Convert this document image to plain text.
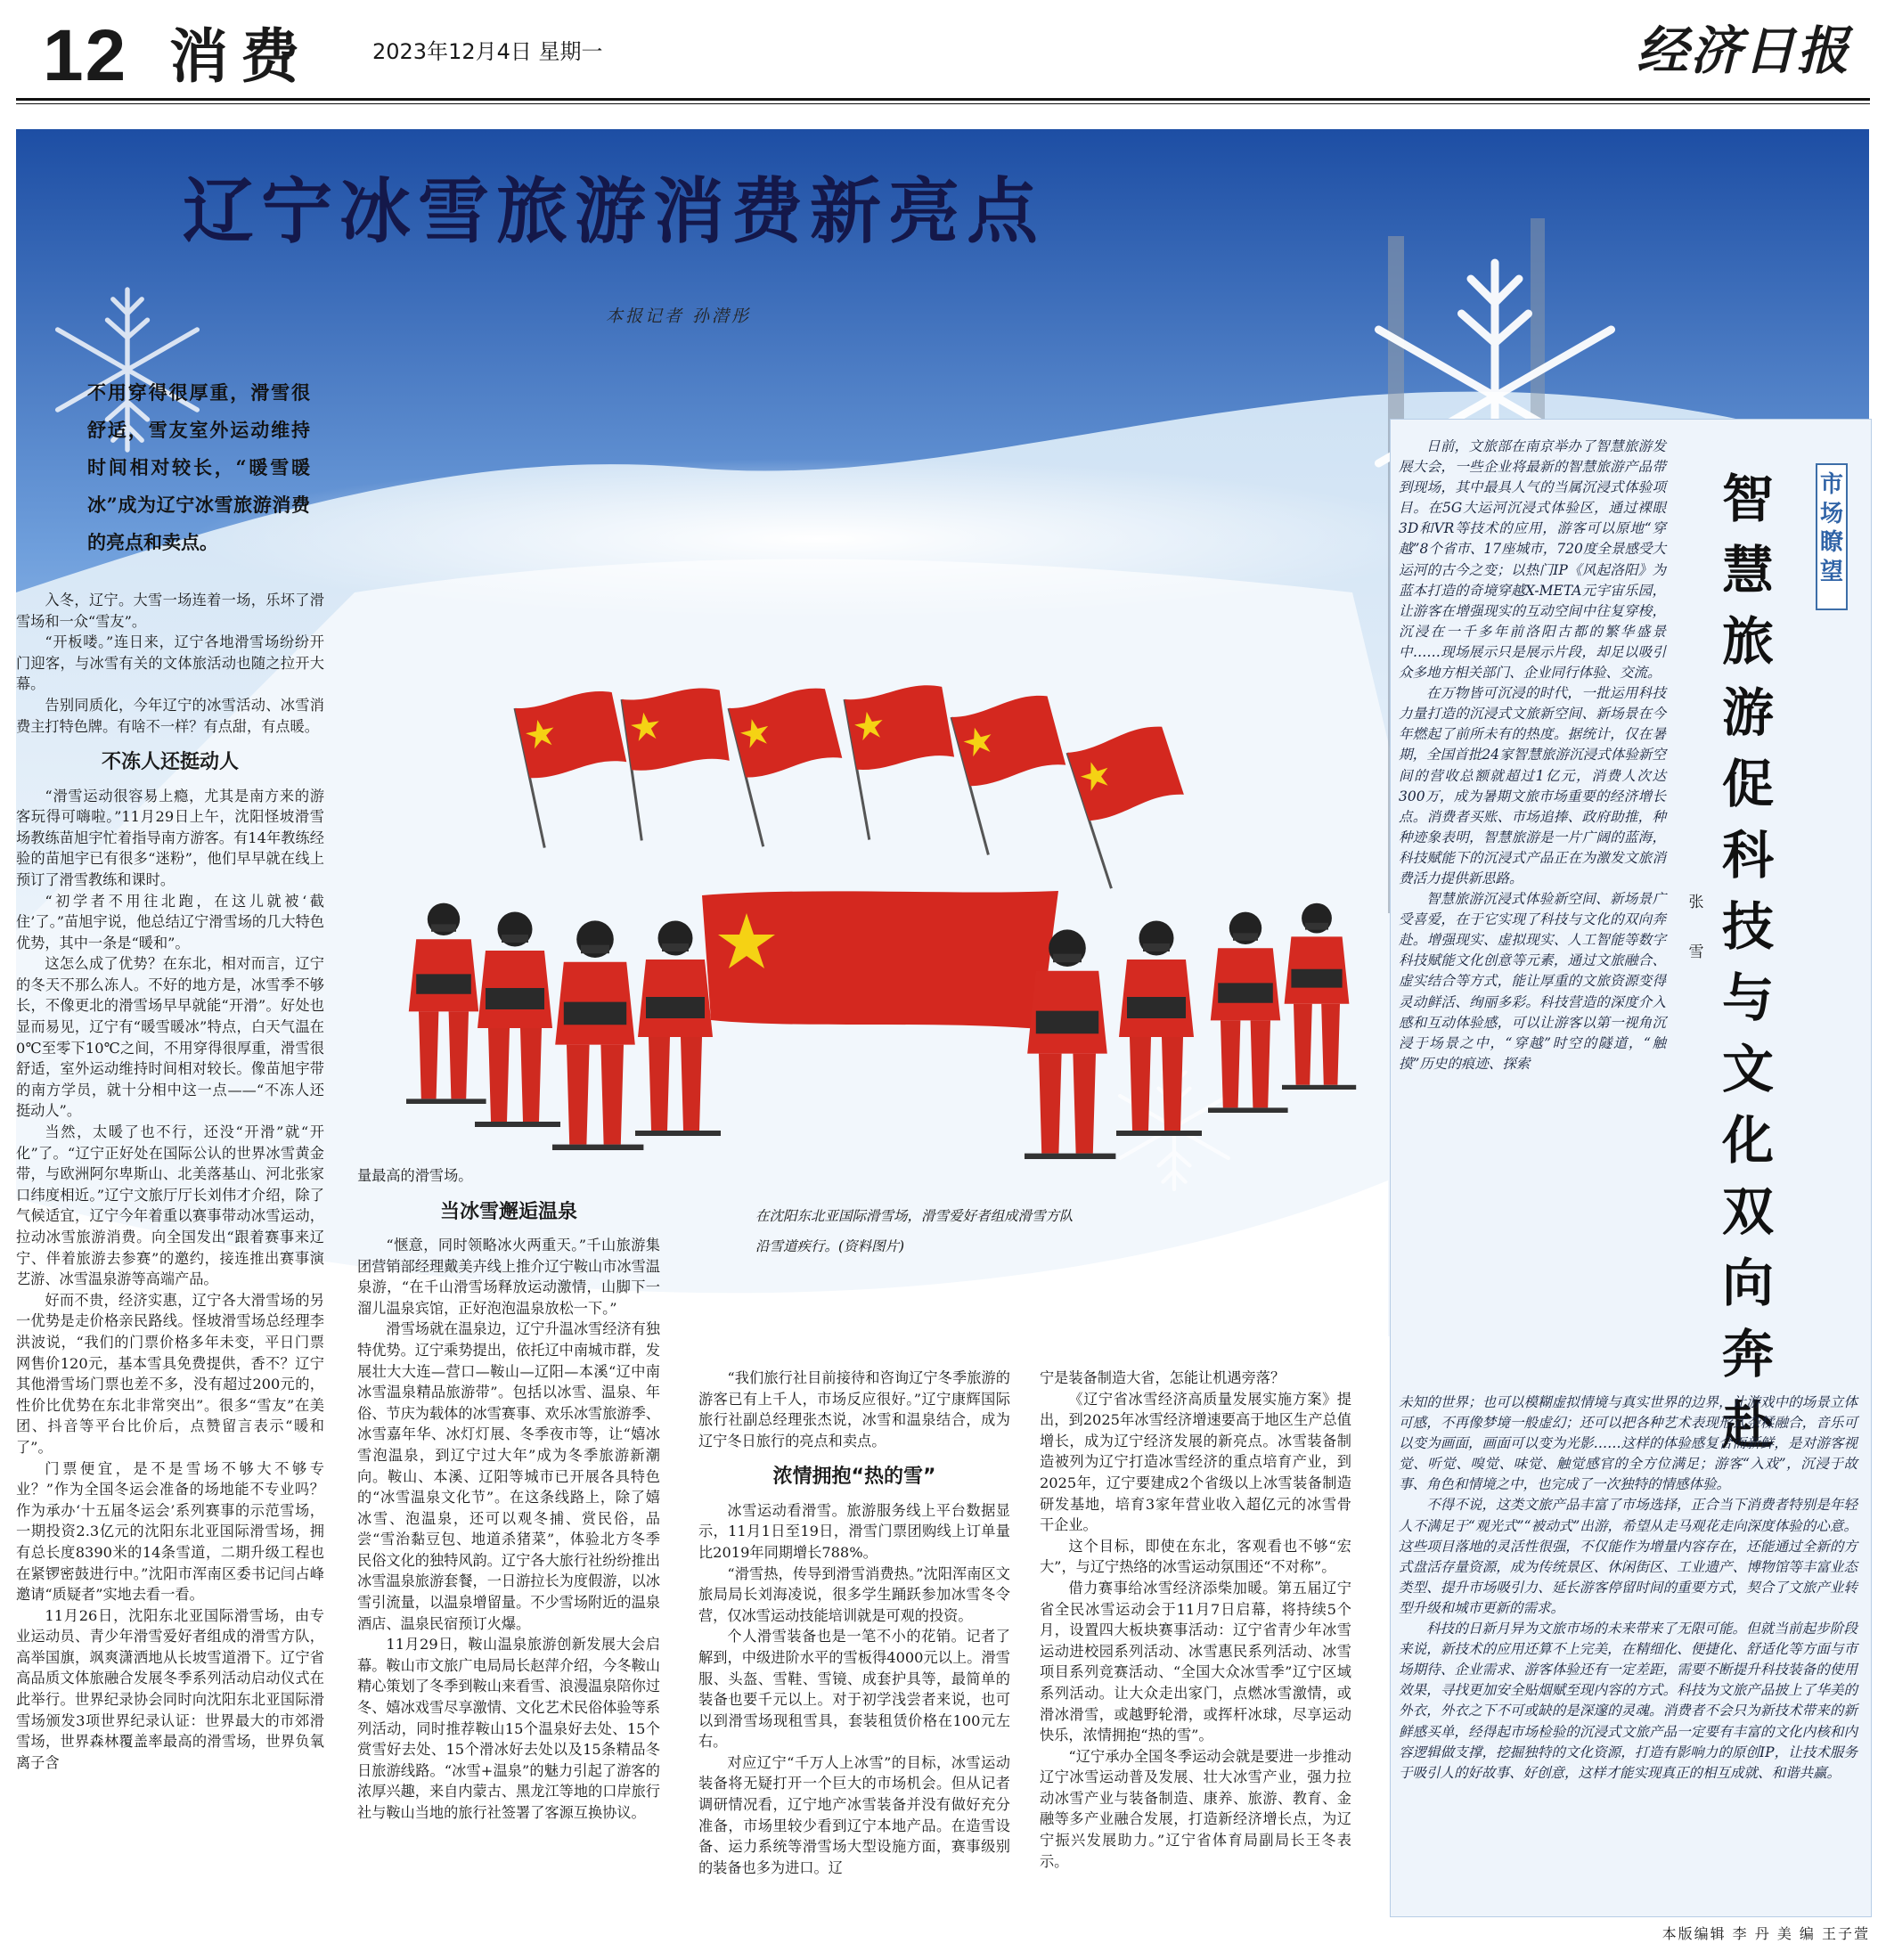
12 消费	2023年12月4日 星期一	经济日报
辽宁冰雪旅游消费新亮点
本报记者 孙潜彤
不用穿得很厚重，滑雪很舒适，雪友室外运动维持时间相对较长，“暖雪暖冰”成为辽宁冰雪旅游消费的亮点和卖点。

入冬，辽宁。大雪一场连着一场，乐坏了滑雪场和一众“雪友”。

“开板喽。”连日来，辽宁各地滑雪场纷纷开门迎客，与冰雪有关的文体旅活动也随之拉开大幕。

告别同质化，今年辽宁的冰雪活动、冰雪消费主打特色牌。有啥不一样？有点甜，有点暖。

不冻人还挺动人

“滑雪运动很容易上瘾，尤其是南方来的游客玩得可嗨啦。”11月29日上午，沈阳怪坡滑雪场教练苗旭宇忙着指导南方游客。有14年教练经验的苗旭宇已有很多“迷粉”，他们早早就在线上预订了滑雪教练和课时。

“初学者不用往北跑，在这儿就被‘截住’了。”苗旭宇说，他总结辽宁滑雪场的几大特色优势，其中一条是“暖和”。

这怎么成了优势？在东北，相对而言，辽宁的冬天不那么冻人。不好的地方是，冰雪季不够长，不像更北的滑雪场早早就能“开滑”。好处也显而易见，辽宁有“暖雪暖冰”特点，白天气温在0℃至零下10℃之间，不用穿得很厚重，滑雪很舒适，室外运动维持时间相对较长。像苗旭宇带的南方学员，就十分相中这一点——“不冻人还挺动人”。

当然，太暖了也不行，还没“开滑”就“开化”了。“辽宁正好处在国际公认的世界冰雪黄金带，与欧洲阿尔卑斯山、北美落基山、河北张家口纬度相近。”辽宁文旅厅厅长刘伟才介绍，除了气候适宜，辽宁今年着重以赛事带动冰雪运动，拉动冰雪旅游消费。向全国发出“跟着赛事来辽宁、伴着旅游去参赛”的邀约，接连推出赛事演艺游、冰雪温泉游等高端产品。

好而不贵，经济实惠，辽宁各大滑雪场的另一优势是走价格亲民路线。怪坡滑雪场总经理李洪波说，“我们的门票价格多年未变，平日门票网售价120元，基本雪具免费提供，香不？辽宁其他滑雪场门票也差不多，没有超过200元的，性价比优势在东北非常突出”。很多“雪友”在美团、抖音等平台比价后，点赞留言表示“暖和了”。

门票便宜，是不是雪场不够大不够专业？”作为全国冬运会准备的场地能不专业吗？作为承办‘十五届冬运会’系列赛事的示范雪场，一期投资2.3亿元的沈阳东北亚国际滑雪场，拥有总长度8390米的14条雪道，二期升级工程也在紧锣密鼓进行中。”沈阳市浑南区委书记闫占峰邀请“质疑者”实地去看一看。

11月26日，沈阳东北亚国际滑雪场，由专业运动员、青少年滑雪爱好者组成的滑雪方队，高举国旗，飒爽潇洒地从长坡雪道滑下。辽宁省高品质文体旅融合发展冬季系列活动启动仪式在此举行。世界纪录协会同时向沈阳东北亚国际滑雪场颁发3项世界纪录认证：世界最大的市郊滑雪场，世界森林覆盖率最高的滑雪场，世界负氧离子含

量最高的滑雪场。

当冰雪邂逅温泉

“惬意，同时领略冰火两重天。”千山旅游集团营销部经理戴美卉线上推介辽宁鞍山市冰雪温泉游，“在千山滑雪场释放运动激情，山脚下一溜儿温泉宾馆，正好泡泡温泉放松一下。”

滑雪场就在温泉边，辽宁升温冰雪经济有独特优势。辽宁乘势提出，依托辽中南城市群，发展壮大大连—营口—鞍山—辽阳—本溪“辽中南冰雪温泉精品旅游带”。包括以冰雪、温泉、年俗、节庆为载体的冰雪赛事、欢乐冰雪旅游季、冰雪嘉年华、冰灯灯展、冬季夜市等，让“嬉冰雪泡温泉，到辽宁过大年”成为冬季旅游新潮向。鞍山、本溪、辽阳等城市已开展各具特色的“冰雪温泉文化节”。在这条线路上，除了嬉冰雪、泡温泉，还可以观冬捕、赏民俗，品尝“雪治黏豆包、地道杀猪菜”，体验北方冬季民俗文化的独特风韵。辽宁各大旅行社纷纷推出冰雪温泉旅游套餐，一日游拉长为度假游，以冰雪引流量，以温泉增留量。不少雪场附近的温泉酒店、温泉民宿预订火爆。

11月29日，鞍山温泉旅游创新发展大会启幕。鞍山市文旅广电局局长赵萍介绍，今冬鞍山精心策划了冬季到鞍山来看雪、浪漫温泉陪你过冬、嬉冰戏雪尽享激情、文化艺术民俗体验等系列活动，同时推荐鞍山15个温泉好去处、15个赏雪好去处、15个滑冰好去处以及15条精品冬日旅游线路。“冰雪+温泉”的魅力引起了游客的浓厚兴趣，来自内蒙古、黑龙江等地的口岸旅行社与鞍山当地的旅行社签署了客源互换协议。

在沈阳东北亚国际滑雪场，滑雪爱好者组成滑雪方队沿雪道疾行。(资料图片)

“我们旅行社目前接待和咨询辽宁冬季旅游的游客已有上千人，市场反应很好。”辽宁康辉国际旅行社副总经理张杰说，冰雪和温泉结合，成为辽宁冬日旅行的亮点和卖点。

浓情拥抱“热的雪”

冰雪运动看滑雪。旅游服务线上平台数据显示，11月1日至19日，滑雪门票团购线上订单量比2019年同期增长788%。

“滑雪热，传导到滑雪消费热。”沈阳浑南区文旅局局长刘海凌说，很多学生踊跃参加冰雪冬令营，仅冰雪运动技能培训就是可观的投资。

个人滑雪装备也是一笔不小的花销。记者了解到，中级进阶水平的雪板得4000元以上。滑雪服、头盔、雪鞋、雪镜、成套护具等，最简单的装备也要千元以上。对于初学浅尝者来说，也可以到滑雪场现租雪具，套装租赁价格在100元左右。

对应辽宁“千万人上冰雪”的目标，冰雪运动装备将无疑打开一个巨大的市场机会。但从记者调研情况看，辽宁地产冰雪装备并没有做好充分准备，市场里较少看到辽宁本地产品。在造雪设备、运力系统等滑雪场大型设施方面，赛事级别的装备也多为进口。辽

宁是装备制造大省，怎能让机遇旁落？

《辽宁省冰雪经济高质量发展实施方案》提出，到2025年冰雪经济增速要高于地区生产总值增长，成为辽宁经济发展的新亮点。冰雪装备制造被列为辽宁打造冰雪经济的重点培育产业，到2025年，辽宁要建成2个省级以上冰雪装备制造研发基地，培育3家年营业收入超亿元的冰雪骨干企业。

这个目标，即使在东北，客观看也不够“宏大”，与辽宁热络的冰雪运动氛围还“不对称”。

借力赛事给冰雪经济添柴加暖。第五届辽宁省全民冰雪运动会于11月7日启幕，将持续5个月，设置四大板块赛事活动：辽宁省青少年冰雪运动进校园系列活动、冰雪惠民系列活动、冰雪项目系列竞赛活动、“全国大众冰雪季”辽宁区域系列活动。让大众走出家门，点燃冰雪激情，或滑冰滑雪，或越野轮滑，或挥杆冰球，尽享运动快乐，浓情拥抱“热的雪”。

“辽宁承办全国冬季运动会就是要进一步推动辽宁冰雪运动普及发展、壮大冰雪产业，强力拉动冰雪产业与装备制造、康养、旅游、教育、金融等多产业融合发展，打造新经济增长点，为辽宁振兴发展助力。”辽宁省体育局副局长王冬表示。

市场瞭望
智慧旅游促科技与文化双向奔赴
张雪

日前，文旅部在南京举办了智慧旅游发展大会，一些企业将最新的智慧旅游产品带到现场，其中最具人气的当属沉浸式体验项目。在5G大运河沉浸式体验区，通过裸眼3D和VR等技术的应用，游客可以原地“穿越”8个省市、17座城市，720度全景感受大运河的古今之变；以热门IP《风起洛阳》为蓝本打造的奇境穿越X-META元宇宙乐园，让游客在增强现实的互动空间中往复穿梭，沉浸在一千多年前洛阳古都的繁华盛景中……现场展示只是展示片段，却足以吸引众多地方相关部门、企业同行体验、交流。

在万物皆可沉浸的时代，一批运用科技力量打造的沉浸式文旅新空间、新场景在今年燃起了前所未有的热度。据统计，仅在暑期，全国首批24家智慧旅游沉浸式体验新空间的营收总额就超过1亿元，消费人次达300万，成为暑期文旅市场重要的经济增长点。消费者买账、市场追捧、政府助推，种种迹象表明，智慧旅游是一片广阔的蓝海，科技赋能下的沉浸式产品正在为激发文旅消费活力提供新思路。

智慧旅游沉浸式体验新空间、新场景广受喜爱，在于它实现了科技与文化的双向奔赴。增强现实、虚拟现实、人工智能等数字科技赋能文化创意等元素，通过文旅融合、虚实结合等方式，能让厚重的文旅资源变得灵动鲜活、绚丽多彩。科技营造的深度介入感和互动体验感，可以让游客以第一视角沉浸于场景之中，“穿越”时空的隧道，“触摸”历史的痕迹、探索

未知的世界；也可以模糊虚拟情境与真实世界的边界，让游戏中的场景立体可感，不再像梦境一般虚幻；还可以把各种艺术表现形式杂糅融合，音乐可以变为画面，画面可以变为光影……这样的体验感复合而新鲜，是对游客视觉、听觉、嗅觉、味觉、触觉感官的全方位满足；游客“入戏”，沉浸于故事、角色和情境之中，也完成了一次独特的情感体验。

不得不说，这类文旅产品丰富了市场选择，正合当下消费者特别是年轻人不满足于“观光式”“被动式”出游，希望从走马观花走向深度体验的心意。这些项目落地的灵活性很强，不仅能作为增量内容存在，还能通过全新的方式盘活存量资源，成为传统景区、休闲街区、工业遗产、博物馆等丰富业态类型、提升市场吸引力、延长游客停留时间的重要方式，契合了文旅产业转型升级和城市更新的需求。

科技的日新月异为文旅市场的未来带来了无限可能。但就当前起步阶段来说，新技术的应用还算不上完美，在精细化、便捷化、舒适化等方面与市场期待、企业需求、游客体验还有一定差距，需要不断提升科技装备的使用效果，寻找更加安全贴烟赋至现内容的方式。科技为文旅产品披上了华美的外衣，外衣之下不可或缺的是深邃的灵魂。消费者不会只为新技术带来的新鲜感买单，经得起市场检验的沉浸式文旅产品一定要有丰富的文化内核和内容逻辑做支撑，挖掘独特的文化资源，打造有影响力的原创IP，让技术服务于吸引人的好故事、好创意，这样才能实现真正的相互成就、和谐共赢。

本版编辑 李 丹 美 编 王子萱
